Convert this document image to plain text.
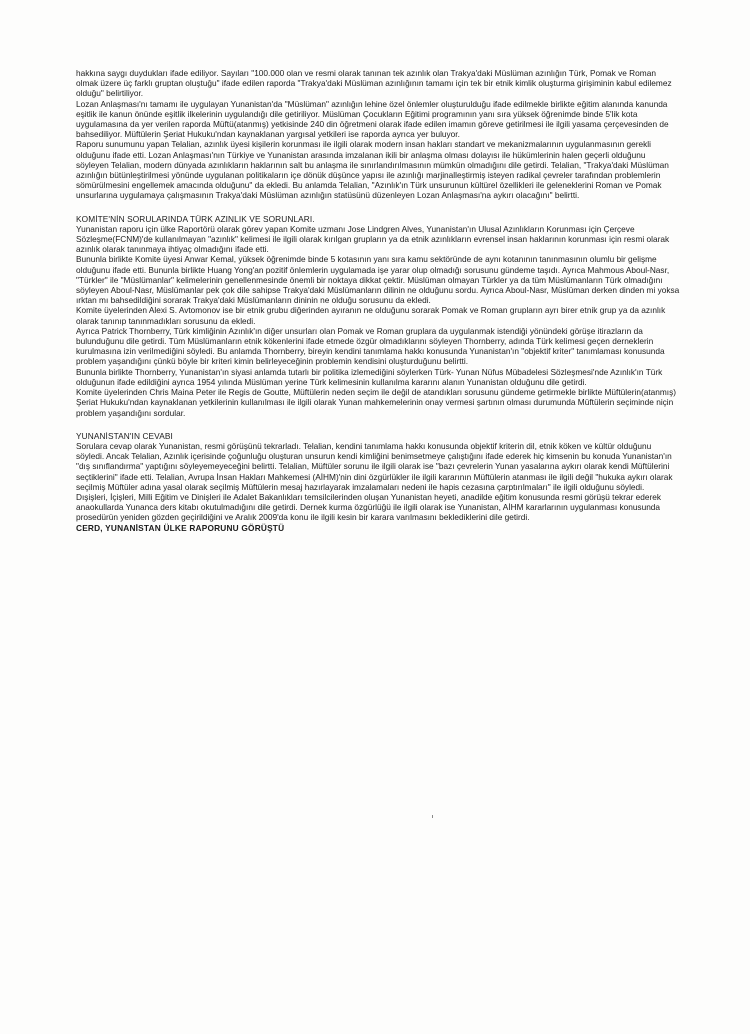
hakkına saygı duydukları ifade ediliyor. Sayıları "100.000 olan ve resmi olarak tanınan tek azınlık olan Trakya'daki Müslüman azınlığın Türk, Pomak ve Roman olmak üzere üç farklı gruptan oluştuğu" ifade edilen raporda "Trakya'daki Müslüman azınlığının tamamı için tek bir etnik kimlik oluşturma girişiminin kabul edilemez olduğu" belirtiliyor.

Lozan Anlaşması'nı tamamı ile uygulayan Yunanistan'da "Müslüman" azınlığın lehine özel önlemler oluşturulduğu ifade edilmekle birlikte eğitim alanında kanunda eşitlik ile kanun önünde eşitlik ilkelerinin uygulandığı dile getiriliyor. Müslüman Çocukların Eğitimi programının yanı sıra yüksek öğrenimde binde 5'lik kota uygulamasına da yer verilen raporda Müftü(atanmış) yetkisinde 240 din öğretmeni olarak ifade edilen imamın göreve getirilmesi ile ilgili yasama çerçevesinden de bahsediliyor. Müftülerin Şeriat Hukuku'ndan kaynaklanan yargısal yetkileri ise raporda ayrıca yer buluyor.

Raporu sunumunu yapan Telalian, azınlık üyesi kişilerin korunması ile ilgili olarak modern insan hakları standart ve mekanizmalarının uygulanmasının gerekli olduğunu ifade etti. Lozan Anlaşması'nın Türkiye ve Yunanistan arasında imzalanan ikili bir anlaşma olması dolayısı ile hükümlerinin halen geçerli olduğunu söyleyen Telalian, modern dünyada azınlıkların haklarının salt bu anlaşma ile sınırlandırılmasının mümkün olmadığını dile getirdi. Telalian, "Trakya'daki Müslüman azınlığın bütünleştirilmesi yönünde uygulanan politikaların içe dönük düşünce yapısı ile azınlığı marjinalleştirmiş isteyen radikal çevreler tarafından problemlerin sömürülmesini engellemek amacında olduğunu" da ekledi. Bu anlamda Telalian, "Azınlık'ın Türk unsurunun kültürel özellikleri ile geleneklerini Roman ve Pomak unsurlarına uygulamaya çalışmasının Trakya'daki Müslüman azınlığın statüsünü düzenleyen Lozan Anlaşması'na aykırı olacağını" belirtti.

KOMİTE'NİN SORULARINDA TÜRK AZINLIK VE SORUNLARI.

Yunanistan raporu için ülke Raportörü olarak görev yapan Komite uzmanı Jose Lindgren Alves, Yunanistan'ın Ulusal Azınlıkların Korunması için Çerçeve Sözleşme(FCNM)'de kullanılmayan "azınlık" kelimesi ile ilgili olarak kırılgan grupların ya da etnik azınlıkların evrensel insan haklarının korunması için resmi olarak azınlık olarak tanınmaya ihtiyaç olmadığını ifade etti.

Bununla birlikte Komite üyesi Anwar Kemal, yüksek öğrenimde binde 5 kotasının yanı sıra kamu sektöründe de aynı kotanının tanınmasının olumlu bir gelişme olduğunu ifade etti. Bununla birlikte Huang Yong'an pozitif önlemlerin uygulamada işe yarar olup olmadığı sorusunu gündeme taşıdı. Ayrıca Mahmous Aboul-Nasr, "Türkler" ile "Müslümanlar" kelimelerinin genellenmesinde önemli bir noktaya dikkat çektir. Müslüman olmayan Türkler ya da tüm Müslümanların Türk olmadığını söyleyen Aboul-Nasr, Müslümanlar pek çok dile sahipse Trakya'daki Müslümanların dilinin ne olduğunu sordu. Ayrıca Aboul-Nasr, Müslüman derken dinden mi yoksa ırktan mı bahsedildiğini sorarak Trakya'daki Müslümanların dininin ne olduğu sorusunu da ekledi.

Komite üyelerinden Alexi S. Avtomonov ise bir etnik grubu diğerinden ayıranın ne olduğunu sorarak Pomak ve Roman grupların ayrı birer etnik grup ya da azınlık olarak tanınıp tanınmadıkları sorusunu da ekledi.

Ayrıca Patrick Thornberry, Türk kimliğinin Azınlık'ın diğer unsurları olan Pomak ve Roman gruplara da uygulanmak istendiği yönündeki görüşe itirazların da bulunduğunu dile getirdi. Tüm Müslümanların etnik kökenlerini ifade etmede özgür olmadıklarını söyleyen Thornberry, adında Türk kelimesi geçen derneklerin kurulmasına izin verilmediğini söyledi. Bu anlamda Thornberry, bireyin kendini tanımlama hakkı konusunda Yunanistan'ın "objektif kriter" tanımlaması konusunda problem yaşandığını çünkü böyle bir kriteri kimin belirleyeceğinin problemin kendisini oluşturduğunu belirtti.

Bununla birlikte Thornberry, Yunanistan'ın siyasi anlamda tutarlı bir politika izlemediğini söylerken Türk- Yunan Nüfus Mübadelesi Sözleşmesi'nde Azınlık'ın Türk olduğunun ifade edildiğini ayrıca 1954 yılında Müslüman yerine Türk kelimesinin kullanılma kararını alanın Yunanistan olduğunu dile getirdi.

Komite üyelerinden Chris Maina Peter ile Regis de Goutte, Müftülerin neden seçim ile değil de atandıkları sorusunu gündeme getirmekle birlikte Müftülerin(atanmış) Şeriat Hukuku'ndan kaynaklanan yetkilerinin kullanılması ile ilgili olarak Yunan mahkemelerinin onay vermesi şartının olması durumunda Müftülerin seçiminde niçin problem yaşandığını sordular.

YUNANİSTAN'IN CEVABI

Sorulara cevap olarak Yunanistan, resmi görüşünü tekrarladı. Telalian, kendini tanımlama hakkı konusunda objektif kriterin dil, etnik köken ve kültür olduğunu söyledi. Ancak Telalian, Azınlık içerisinde çoğunluğu oluşturan unsurun kendi kimliğini benimsetmeye çalıştığını ifade ederek hiç kimsenin bu konuda Yunanistan'ın "dış sınıflandırma" yaptığını söyleyemeyeceğini belirtti. Telalian, Müftüler sorunu ile ilgili olarak ise "bazı çevrelerin Yunan yasalarına aykırı olarak kendi Müftülerini seçtiklerini" ifade etti. Telalian, Avrupa İnsan Hakları Mahkemesi (AİHM)'nin dini özgürlükler ile ilgili kararının Müftülerin atanması ile ilgili değil "hukuka aykırı olarak seçilmiş Müftüler adına yasal olarak seçilmiş Müftülerin mesaj hazırlayarak imzalamaları nedeni ile hapis cezasına çarptırılmaları" ile ilgili olduğunu söyledi.

Dışişleri, İçişleri, Milli Eğitim ve Dinişleri ile Adalet Bakanlıkları temsilcilerinden oluşan Yunanistan heyeti, anadilde eğitim konusunda resmi görüşü tekrar ederek anaokullarda Yunanca ders kitabı okutulmadığını dile getirdi. Dernek kurma özgürlüğü ile ilgili olarak ise Yunanistan, AİHM kararlarının uygulanması konusunda prosedürün yeniden gözden geçirildiğini ve Aralık 2009'da konu ile ilgili kesin bir karara varılmasını beklediklerini dile getirdi.

CERD, YUNANİSTAN ÜLKE RAPORUNU GÖRÜŞTÜ
